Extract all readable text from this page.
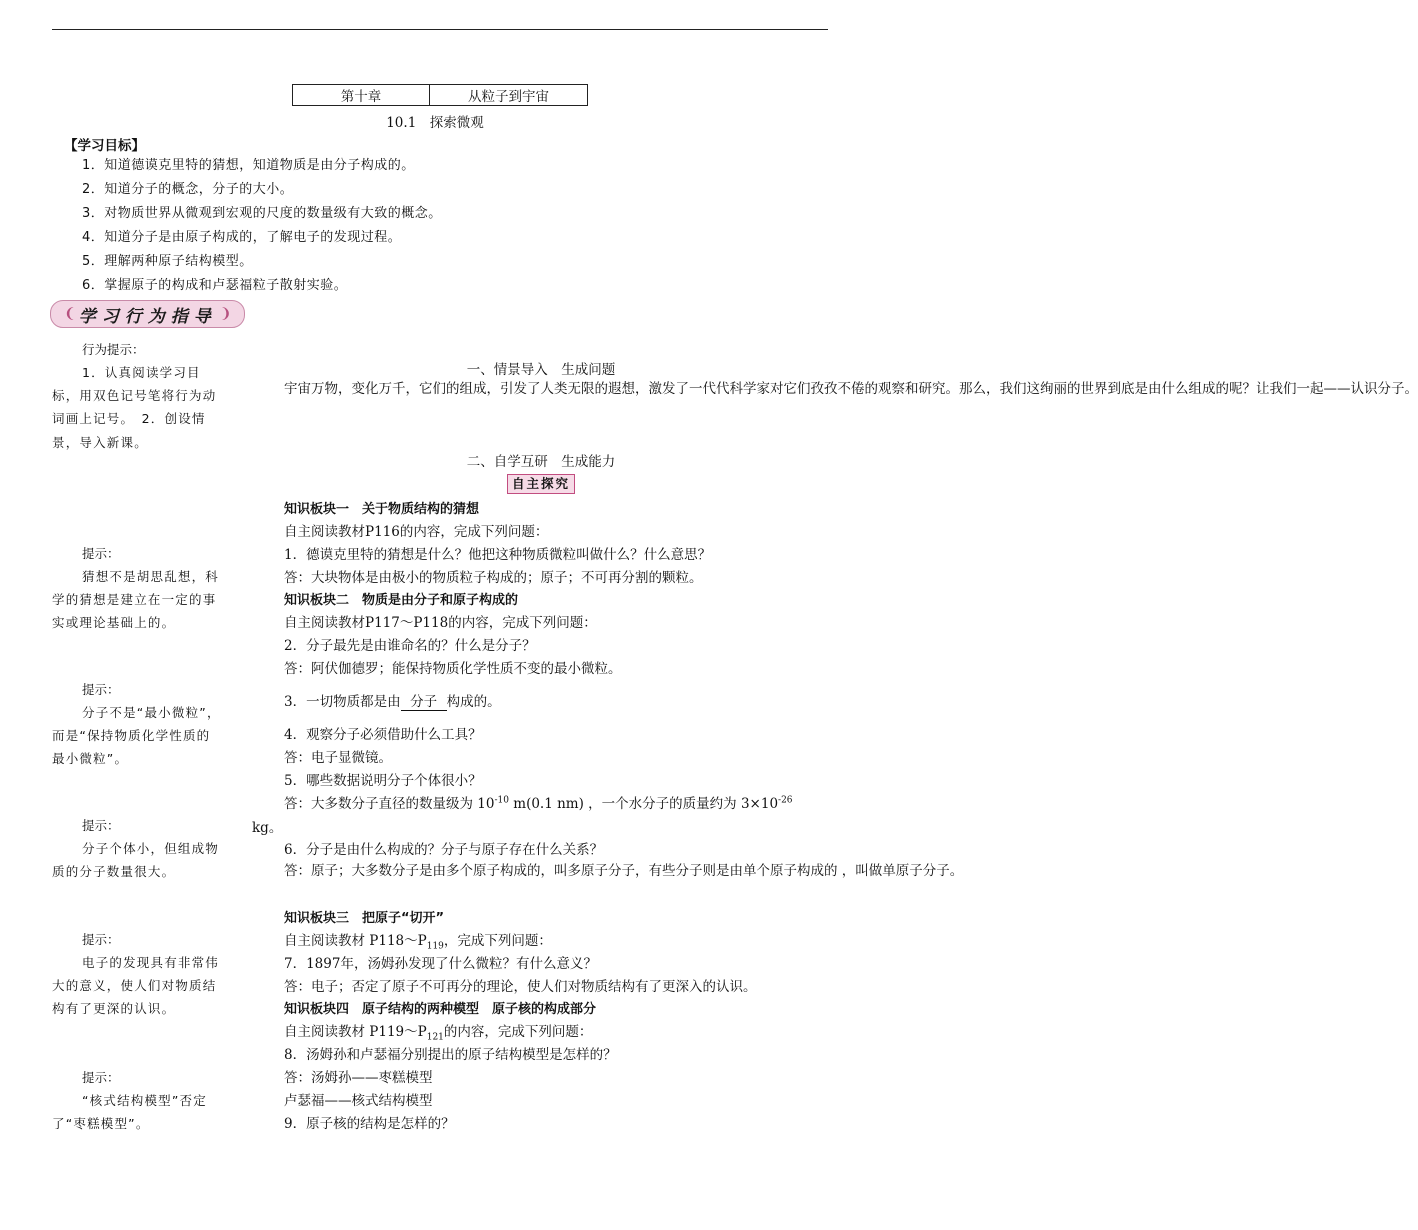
第十章	从粒子到宇宙
10.1　探索微观
【学习目标】
1．知道德谟克里特的猜想，知道物质是由分子构成的。
2．知道分子的概念，分子的大小。
3．对物质世界从微观到宏观的尺度的数量级有大致的概念。
4．知道分子是由原子构成的，了解电子的发现过程。
5．理解两种原子结构模型。
6．掌握原子的构成和卢瑟福粒子散射实验。
❨ 学习行为指导 ❩
行为提示：

1．认真阅读学习目标，用双色记号笔将行为动词画上记号。　2．创设情景，导入新课。

提示：

猜想不是胡思乱想，科学的猜想是建立在一定的事实或理论基础上的。

提示：

分子不是“最小微粒”，而是“保持物质化学性质的最小微粒”。

提示：

分子个体小，但组成物质的分子数量很大。

提示：

电子的发现具有非常伟大的意义，使人们对物质结构有了更深的认识。

提示：

“核式结构模型”否定了“枣糕模型”。

一、情景导入　生成问题
宇宙万物，变化万千，它们的组成，引发了人类无限的遐想，激发了一代代科学家对它们孜孜不倦的观察和研究。那么，我们这绚丽的世界到底是由什么组成的呢？让我们一起——认识分子。
二、自学互研　生成能力
自主探究
知识板块一　关于物质结构的猜想
自主阅读教材P116的内容，完成下列问题：
1．德谟克里特的猜想是什么？他把这种物质微粒叫做什么？什么意思？
答：大块物体是由极小的物质粒子构成的；原子；不可再分割的颗粒。
知识板块二　物质是由分子和原子构成的
自主阅读教材P117～P118的内容，完成下列问题：
2．分子最先是由谁命名的？什么是分子？
答：阿伏伽德罗；能保持物质化学性质不变的最小微粒。
3．一切物质都是由 分子 构成的。
4．观察分子必须借助什么工具？
答：电子显微镜。
5．哪些数据说明分子个体很小？
答：大多数分子直径的数量级为 $10^{-10}$ m(0.1 nm) ，一个水分子的质量约为 $3\times 10^{-26}$
kg。
6．分子是由什么构成的？分子与原子存在什么关系？
答：原子；大多数分子是由多个原子构成的，叫多原子分子，有些分子则是由单个原子构成的 ，叫做单原子分子。
知识板块三　把原子“切开”
自主阅读教材 $P118\sim P_{119}$，完成下列问题：
7．1897年，汤姆孙发现了什么微粒？有什么意义？
答：电子；否定了原子不可再分的理论，使人们对物质结构有了更深入的认识。
知识板块四　原子结构的两种模型　原子核的构成部分
自主阅读教材 $P119\sim P_{121}$的内容，完成下列问题：
8．汤姆孙和卢瑟福分别提出的原子结构模型是怎样的？
答：汤姆孙——枣糕模型
卢瑟福——核式结构模型
9．原子核的结构是怎样的？
